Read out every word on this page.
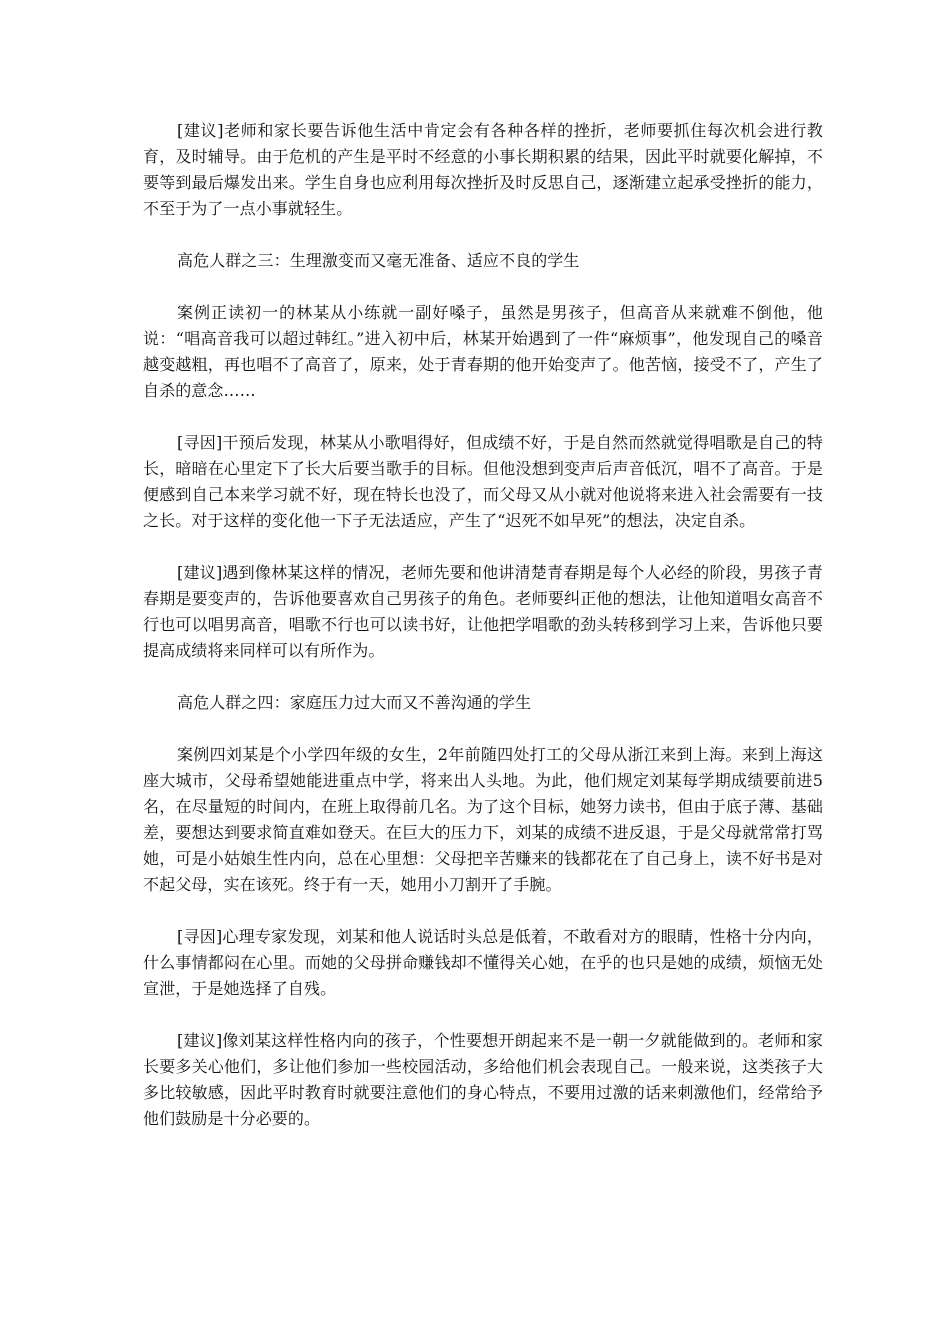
[建议]老师和家长要告诉他生活中肯定会有各种各样的挫折，老师要抓住每次机会进行教育，及时辅导。由于危机的产生是平时不经意的小事长期积累的结果，因此平时就要化解掉，不要等到最后爆发出来。学生自身也应利用每次挫折及时反思自己，逐渐建立起承受挫折的能力，不至于为了一点小事就轻生。

高危人群之三：生理激变而又毫无准备、适应不良的学生

案例正读初一的林某从小练就一副好嗓子，虽然是男孩子，但高音从来就难不倒他，他说：“唱高音我可以超过韩红。”进入初中后，林某开始遇到了一件“麻烦事”，他发现自己的嗓音越变越粗，再也唱不了高音了，原来，处于青春期的他开始变声了。他苦恼，接受不了，产生了自杀的意念……

[寻因]干预后发现，林某从小歌唱得好，但成绩不好，于是自然而然就觉得唱歌是自己的特长，暗暗在心里定下了长大后要当歌手的目标。但他没想到变声后声音低沉，唱不了高音。于是便感到自己本来学习就不好，现在特长也没了，而父母又从小就对他说将来进入社会需要有一技之长。对于这样的变化他一下子无法适应，产生了“迟死不如早死”的想法，决定自杀。

[建议]遇到像林某这样的情况，老师先要和他讲清楚青春期是每个人必经的阶段，男孩子青春期是要变声的，告诉他要喜欢自己男孩子的角色。老师要纠正他的想法，让他知道唱女高音不行也可以唱男高音，唱歌不行也可以读书好，让他把学唱歌的劲头转移到学习上来，告诉他只要提高成绩将来同样可以有所作为。

高危人群之四：家庭压力过大而又不善沟通的学生

案例四刘某是个小学四年级的女生，2年前随四处打工的父母从浙江来到上海。来到上海这座大城市，父母希望她能进重点中学，将来出人头地。为此，他们规定刘某每学期成绩要前进5名，在尽量短的时间内，在班上取得前几名。为了这个目标，她努力读书，但由于底子薄、基础差，要想达到要求简直难如登天。在巨大的压力下，刘某的成绩不进反退，于是父母就常常打骂她，可是小姑娘生性内向，总在心里想：父母把辛苦赚来的钱都花在了自己身上，读不好书是对不起父母，实在该死。终于有一天，她用小刀割开了手腕。

[寻因]心理专家发现，刘某和他人说话时头总是低着，不敢看对方的眼睛，性格十分内向，什么事情都闷在心里。而她的父母拼命赚钱却不懂得关心她，在乎的也只是她的成绩，烦恼无处宣泄，于是她选择了自残。

[建议]像刘某这样性格内向的孩子，个性要想开朗起来不是一朝一夕就能做到的。老师和家长要多关心他们，多让他们参加一些校园活动，多给他们机会表现自己。一般来说，这类孩子大多比较敏感，因此平时教育时就要注意他们的身心特点，不要用过激的话来刺激他们，经常给予他们鼓励是十分必要的。
